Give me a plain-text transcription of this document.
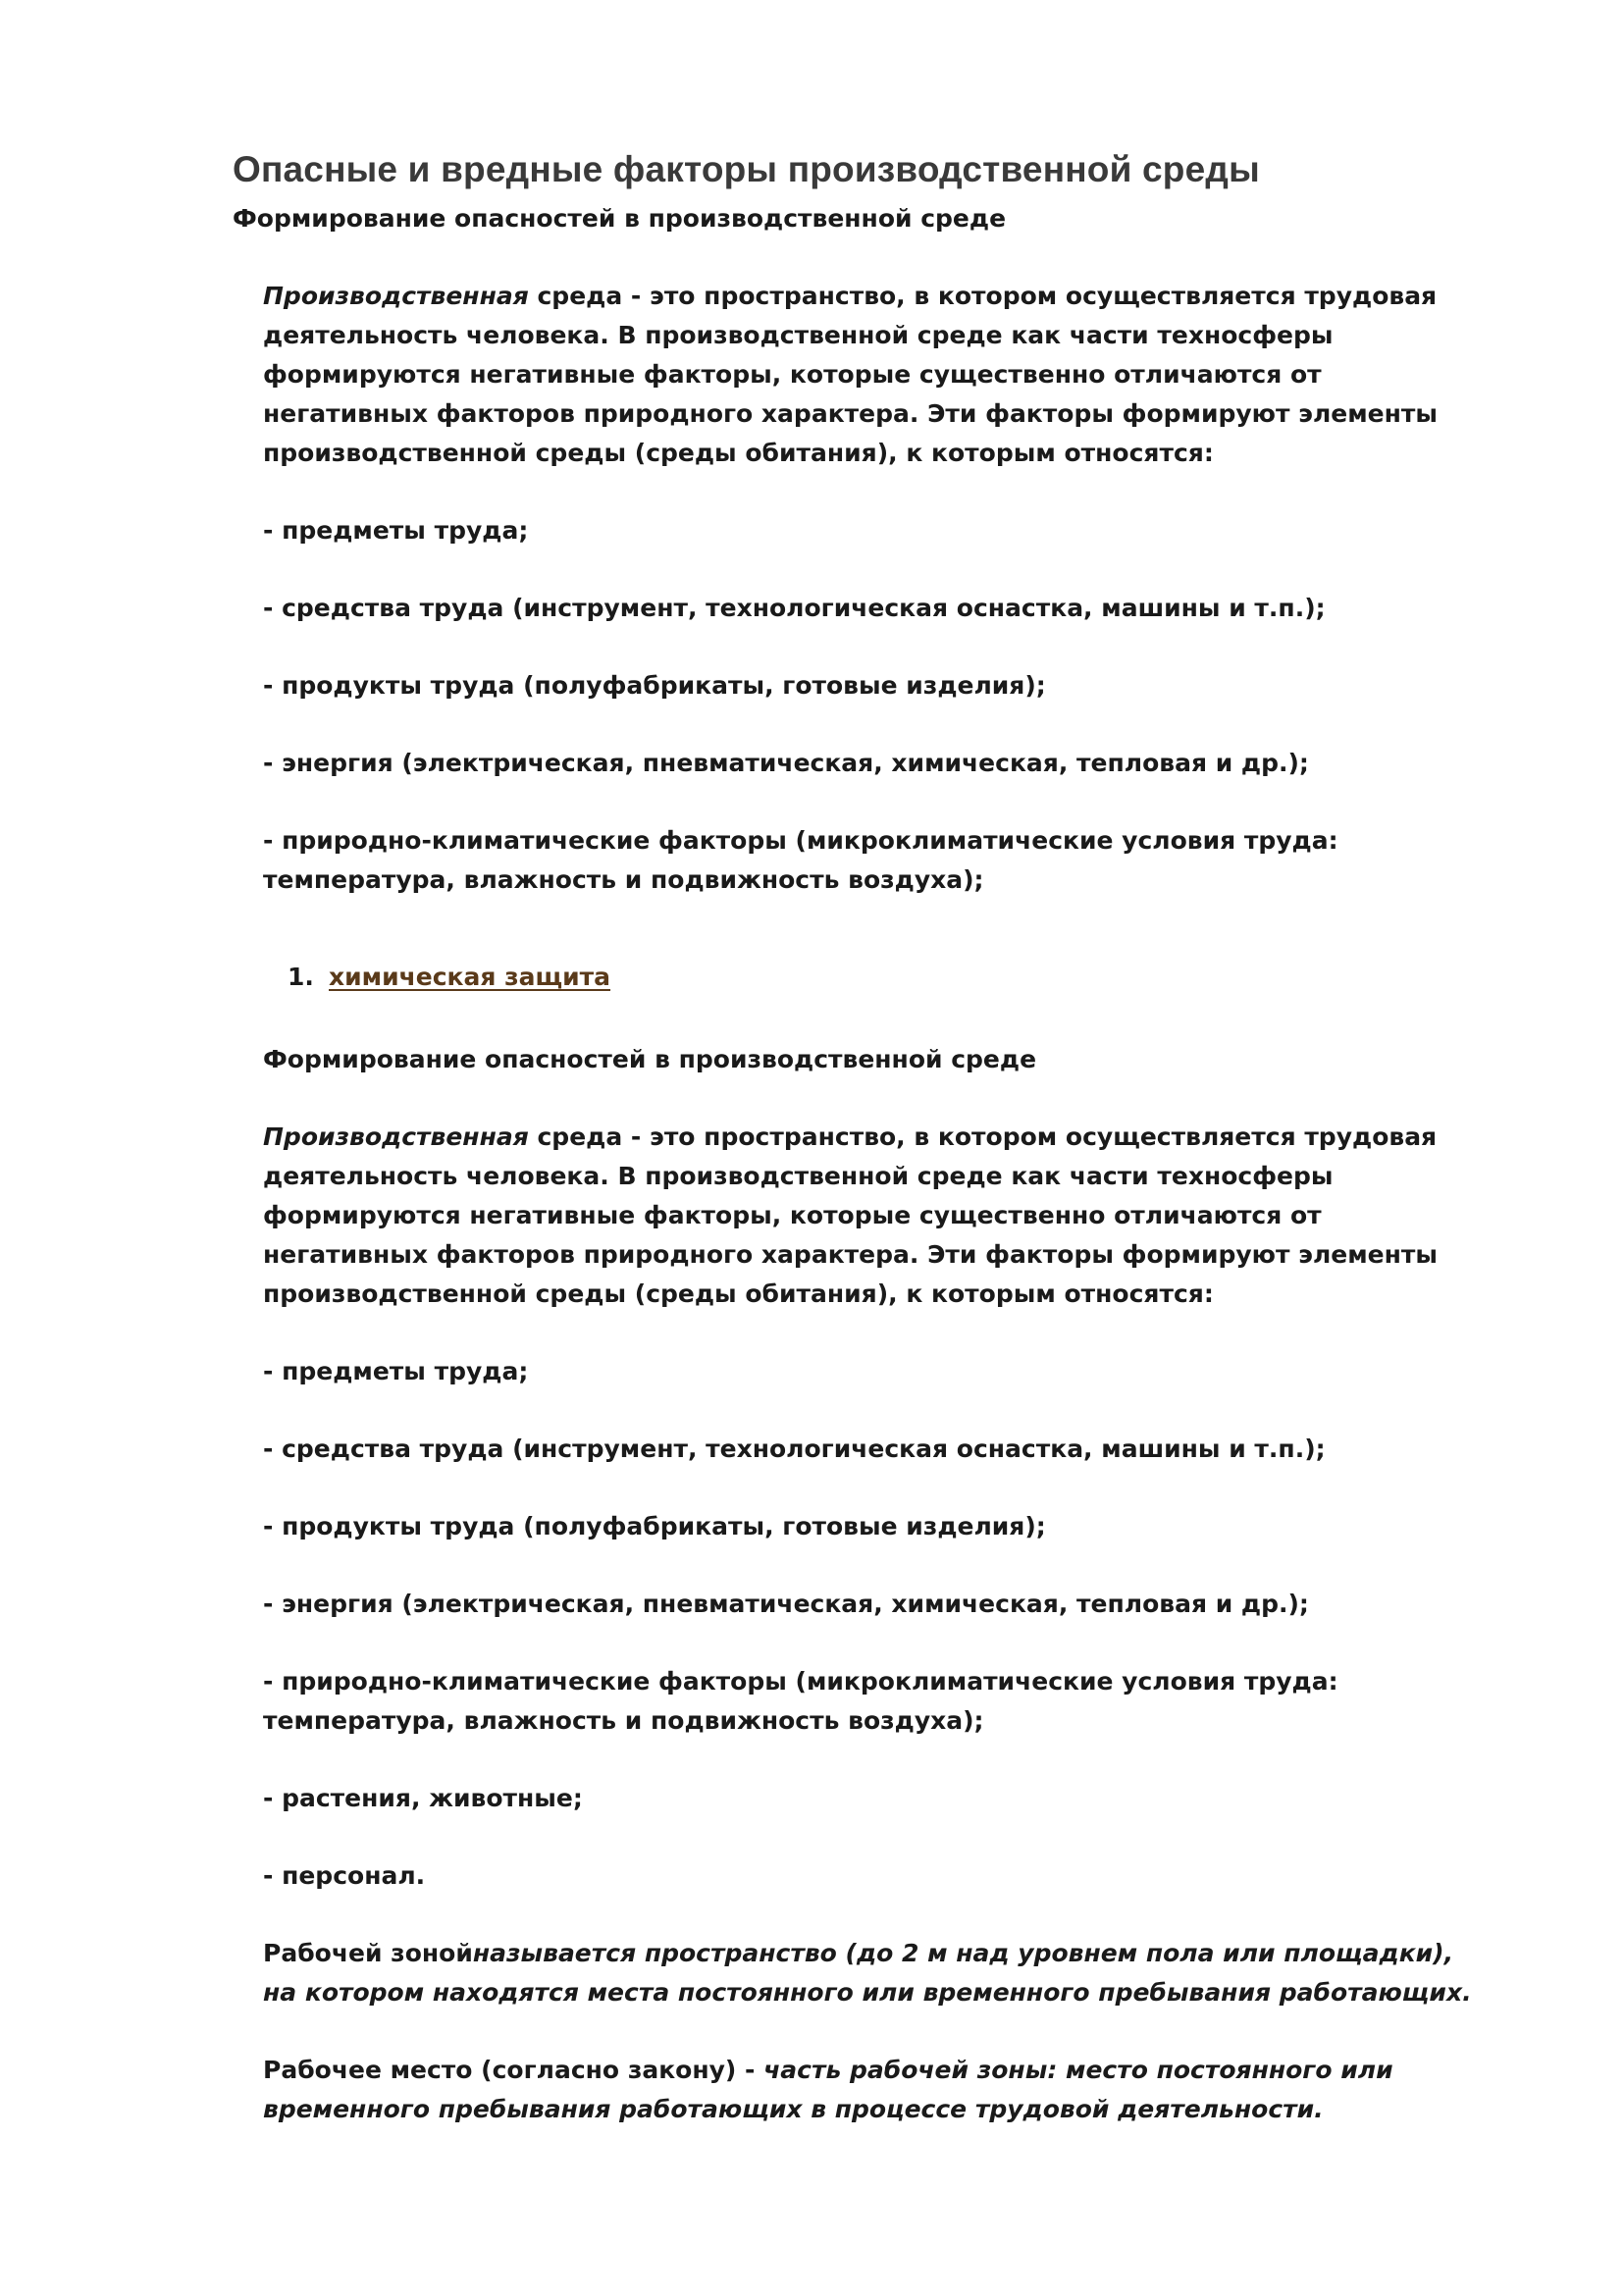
Опасные и вредные факторы производственной среды
Формирование опасностей в производственной среде
Производственная среда - это пространство, в котором осуществляется трудовая
деятельность человека. В производственной среде как части техносферы
формируются негативные факторы, которые существенно отличаются от
негативных факторов природного характера. Эти факторы формируют элементы
производственной среды (среды обитания), к которым относятся:
- предметы труда;
- средства труда (инструмент, технологическая оснастка, машины и т.п.);
- продукты труда (полуфабрикаты, готовые изделия);
- энергия (электрическая, пневматическая, химическая, тепловая и др.);
- природно-климатические факторы (микроклиматические условия труда:
температура, влажность и подвижность воздуха);
1. химическая защита
Формирование опасностей в производственной среде
Производственная среда - это пространство, в котором осуществляется трудовая
деятельность человека. В производственной среде как части техносферы
формируются негативные факторы, которые существенно отличаются от
негативных факторов природного характера. Эти факторы формируют элементы
производственной среды (среды обитания), к которым относятся:
- предметы труда;
- средства труда (инструмент, технологическая оснастка, машины и т.п.);
- продукты труда (полуфабрикаты, готовые изделия);
- энергия (электрическая, пневматическая, химическая, тепловая и др.);
- природно-климатические факторы (микроклиматические условия труда:
температура, влажность и подвижность воздуха);
- растения, животные;
- персонал.
Рабочей зонойназывается пространство (до 2 м над уровнем пола или площадки),
на котором находятся места постоянного или временного пребывания работающих.
Рабочее место (согласно закону) - часть рабочей зоны: место постоянного или
временного пребывания работающих в процессе трудовой деятельности.
